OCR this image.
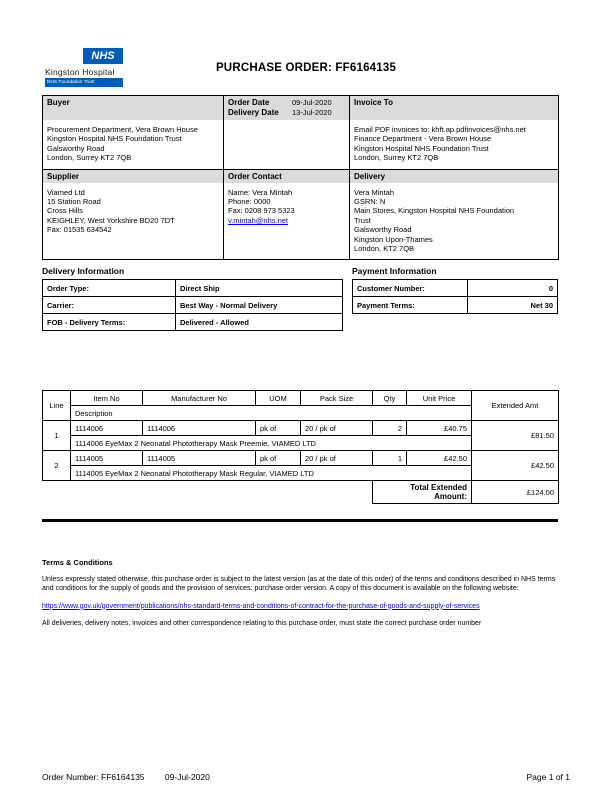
NHS
Kingston Hospital
NHS Foundation Trust
PURCHASE ORDER: FF6164135
Buyer
Procurement Department, Vera Brown House
Kingston Hospital NHS Foundation Trust
Galsworthy Road
London, Surrey KT2 7QB

Order Date	09-Jul-2020
Delivery Date	13-Jul-2020

Invoice To
Email PDF invoices to: khft.ap.pdfinvoices@nhs.net
Finance Department - Vera Brown House
Kingston Hospital NHS Foundation Trust
London, Surrey KT2 7QB

Supplier
Viamed Ltd
15 Station Road
Cross Hills
KEIGHLEY, West Yorkshire BD20 7DT
Fax: 01535 634542

Order Contact
Name: Vera Mintah
Phone: 0000
Fax: 0208 973 5323
v.mintah@nhs.net

Delivery
Vera Mintah
GSRN: N
Main Stores, Kingston Hospital NHS Foundation
Trust
Galsworthy Road
Kingston Upon-Thames
London, KT2 7QB
Delivery Information
Order Type:	Direct Ship
Carrier:	Best Way - Normal Delivery
FOB - Delivery Terms:	Delivered - Allowed
Payment Information
Customer Number:	0
Payment Terms:	Net 30
Line	Item No	Manufacturer No	UOM	Pack Size	Qty	Unit Price	Extended Amt
	Description						
1	1114006	1114006	pk of	20 / pk of	2	£40.75	£81.50
	1114006 EyeMax 2 Neonatal Phototherapy Mask Preemie, VIAMED LTD						
2	1114005	1114005	pk of	20 / pk of	1	£42.50	£42.50
	1114005 EyeMax 2 Neonatal Phototherapy Mask Regular, VIAMED LTD						
					Total Extended Amount:		£124.00
Terms & Conditions

Unless expressly stated otherwise, this purchase order is subject to the latest version (as at the date of this order) of the terms and conditions described in NHS terms and conditions for the supply of goods and the provision of services: purchase order version. A copy of this document is available on the following website:

https://www.gov.uk/government/publications/nhs-standard-terms-and-conditions-of-contract-for-the-purchase-of-goods-and-supply-of-services

All deliveries, delivery notes, invoices and other correspondence relating to this purchase order, must state the correct purchase order number

Order Number: FF6164135 09-Jul-2020	Page 1 of 1
